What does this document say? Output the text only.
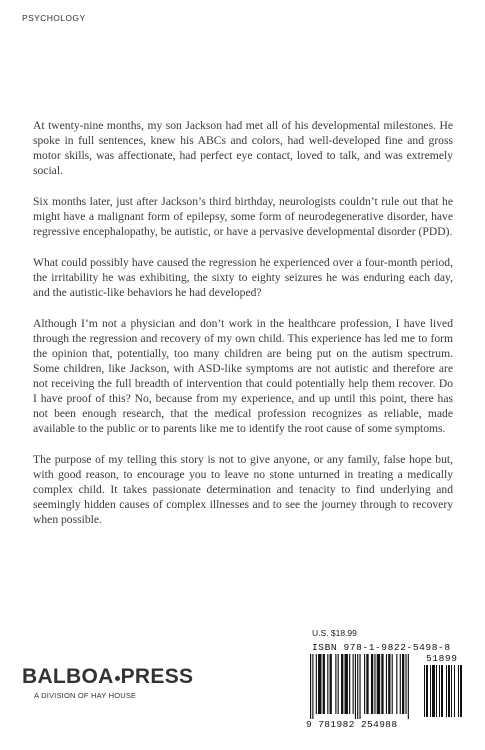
PSYCHOLOGY

At twenty-nine months, my son Jackson had met all of his developmental milestones. He spoke in full sentences, knew his ABCs and colors, had well-developed fine and gross motor skills, was affectionate, had perfect eye contact, loved to talk, and was extremely social.

Six months later, just after Jackson’s third birthday, neurologists couldn’t rule out that he might have a malignant form of epilepsy, some form of neurodegenerative disorder, have regressive encephalopathy, be autistic, or have a pervasive developmental disorder (PDD).

What could possibly have caused the regression he experienced over a four-month period, the irritability he was exhibiting, the sixty to eighty seizures he was enduring each day, and the autistic-like behaviors he had developed?

Although I’m not a physician and don’t work in the healthcare profession, I have lived through the regression and recovery of my own child. This experience has led me to form the opinion that, potentially, too many children are being put on the autism spectrum. Some children, like Jackson, with ASD-like symptoms are not autistic and therefore are not receiving the full breadth of intervention that could potentially help them recover. Do I have proof of this? No, because from my experience, and up until this point, there has not been enough research, that the medical profession recognizes as reliable, made available to the public or to parents like me to identify the root cause of some symptoms.

The purpose of my telling this story is not to give anyone, or any family, false hope but, with good reason, to encourage you to leave no stone unturned in treating a medically complex child. It takes passionate determination and tenacity to find underlying and seemingly hidden causes of complex illnesses and to see the journey through to recovery when possible.

BALBOA PRESS
A DIVISION OF HAY HOUSE
U.S. $18.99
ISBN 978-1-9822-5498-8
51899
9 781982 254988
